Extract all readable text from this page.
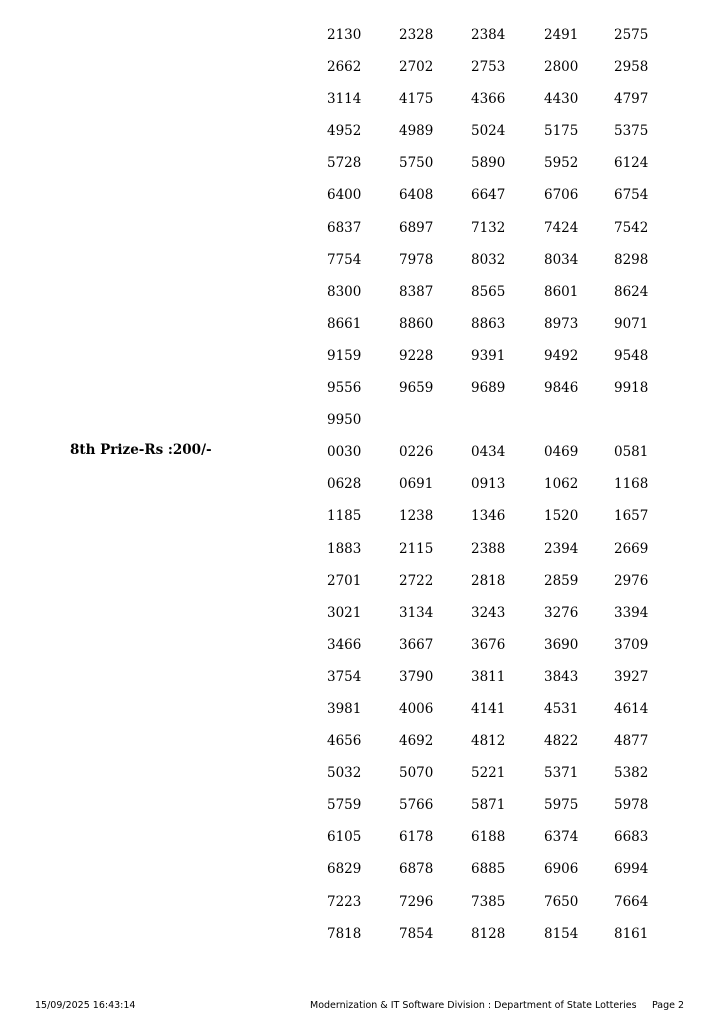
2130	2328	2384	2491	2575
2662	2702	2753	2800	2958
3114	4175	4366	4430	4797
4952	4989	5024	5175	5375
5728	5750	5890	5952	6124
6400	6408	6647	6706	6754
6837	6897	7132	7424	7542
7754	7978	8032	8034	8298
8300	8387	8565	8601	8624
8661	8860	8863	8973	9071
9159	9228	9391	9492	9548
9556	9659	9689	9846	9918
9950
8th Prize-Rs :200/-	0030	0226	0434	0469	0581
0628	0691	0913	1062	1168
1185	1238	1346	1520	1657
1883	2115	2388	2394	2669
2701	2722	2818	2859	2976
3021	3134	3243	3276	3394
3466	3667	3676	3690	3709
3754	3790	3811	3843	3927
3981	4006	4141	4531	4614
4656	4692	4812	4822	4877
5032	5070	5221	5371	5382
5759	5766	5871	5975	5978
6105	6178	6188	6374	6683
6829	6878	6885	6906	6994
7223	7296	7385	7650	7664
7818	7854	8128	8154	8161
15/09/2025 16:43:14	Modernization & IT Software Division : Department of State Lotteries Page 2
